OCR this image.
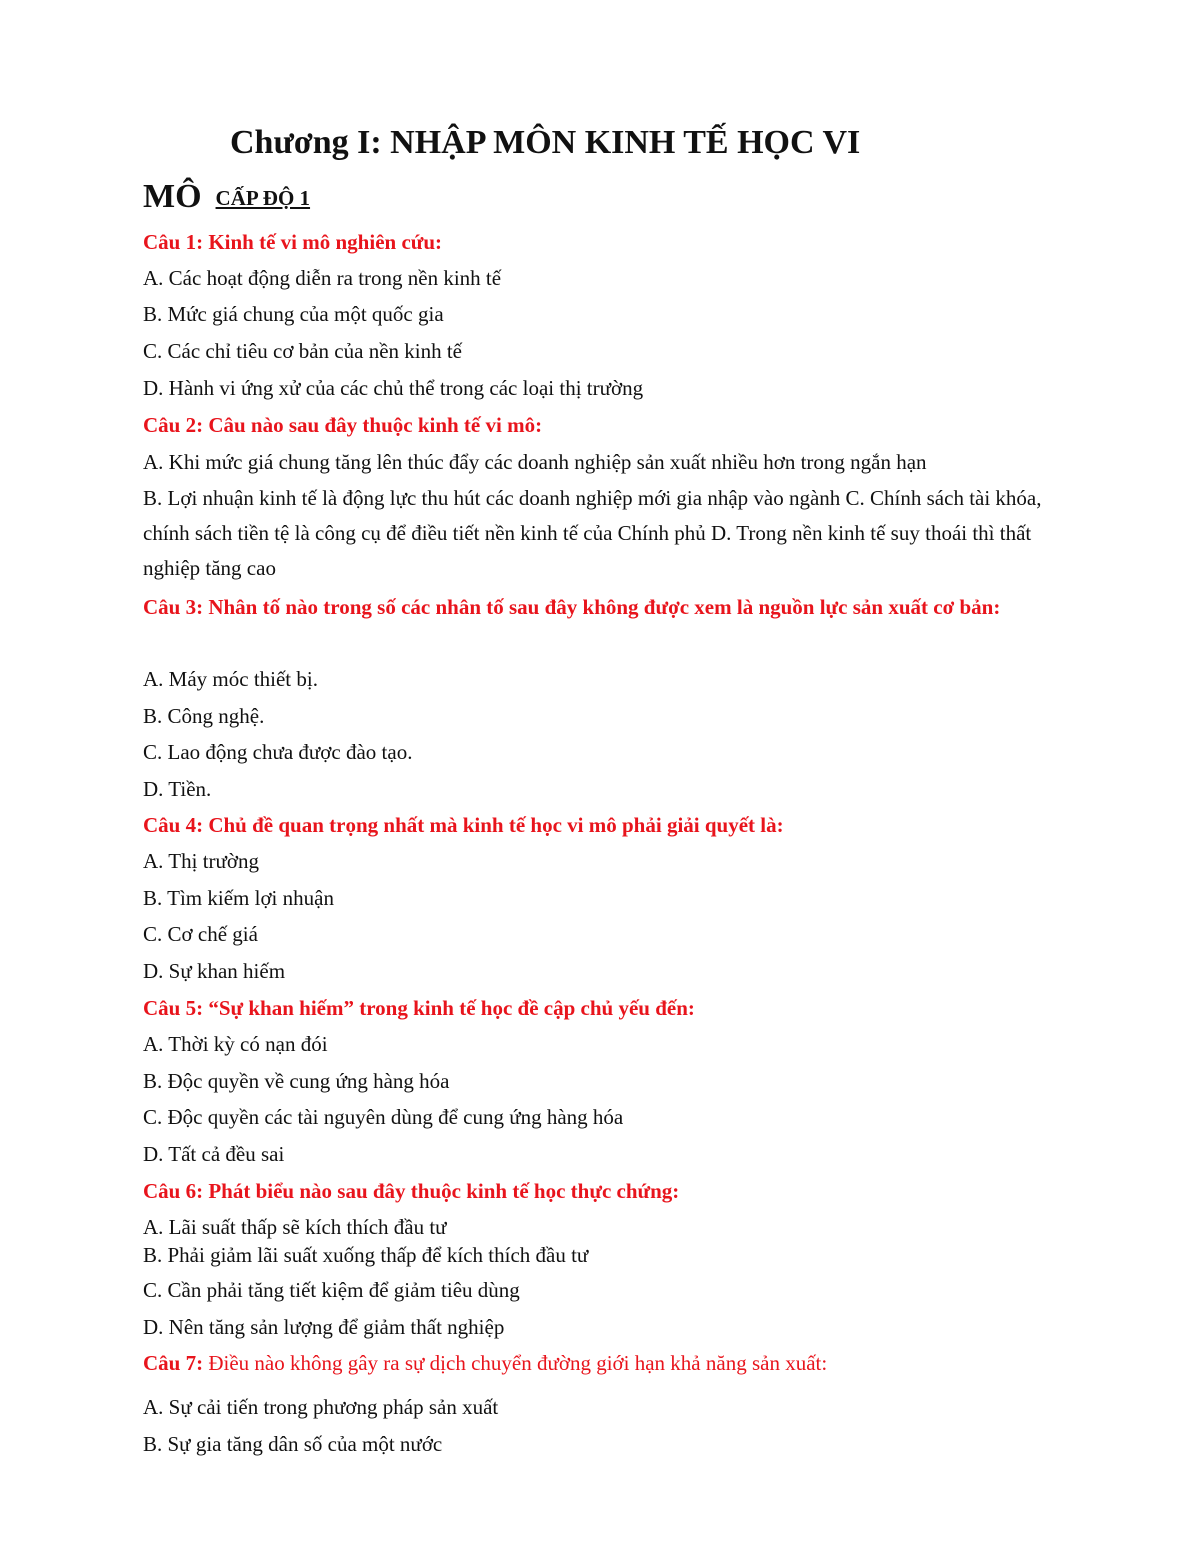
Chương I: NHẬP MÔN KINH TẾ HỌC VI
MÔ CẤP ĐỘ 1
Câu 1: Kinh tế vi mô nghiên cứu:
A. Các hoạt động diễn ra trong nền kinh tế
B. Mức giá chung của một quốc gia
C. Các chỉ tiêu cơ bản của nền kinh tế
D. Hành vi ứng xử của các chủ thể trong các loại thị trường
Câu 2: Câu nào sau đây thuộc kinh tế vi mô:
A. Khi mức giá chung tăng lên thúc đẩy các doanh nghiệp sản xuất nhiều hơn trong ngắn hạn
B. Lợi nhuận kinh tế là động lực thu hút các doanh nghiệp mới gia nhập vào ngành C. Chính sách tài khóa, chính sách tiền tệ là công cụ để điều tiết nền kinh tế của Chính phủ D. Trong nền kinh tế suy thoái thì thất nghiệp tăng cao
Câu 3: Nhân tố nào trong số các nhân tố sau đây không được xem là nguồn lực sản xuất cơ bản:
A. Máy móc thiết bị.
B. Công nghệ.
C. Lao động chưa được đào tạo.
D. Tiền.
Câu 4: Chủ đề quan trọng nhất mà kinh tế học vi mô phải giải quyết là:
A. Thị trường
B. Tìm kiếm lợi nhuận
C. Cơ chế giá
D. Sự khan hiếm
Câu 5: “Sự khan hiếm” trong kinh tế học đề cập chủ yếu đến:
A. Thời kỳ có nạn đói
B. Độc quyền về cung ứng hàng hóa
C. Độc quyền các tài nguyên dùng để cung ứng hàng hóa
D. Tất cả đều sai
Câu 6: Phát biểu nào sau đây thuộc kinh tế học thực chứng:
A. Lãi suất thấp sẽ kích thích đầu tư
B. Phải giảm lãi suất xuống thấp để kích thích đầu tư
C. Cần phải tăng tiết kiệm để giảm tiêu dùng
D. Nên tăng sản lượng để giảm thất nghiệp
Câu 7: Điều nào không gây ra sự dịch chuyển đường giới hạn khả năng sản xuất:
A. Sự cải tiến trong phương pháp sản xuất
B. Sự gia tăng dân số của một nước
